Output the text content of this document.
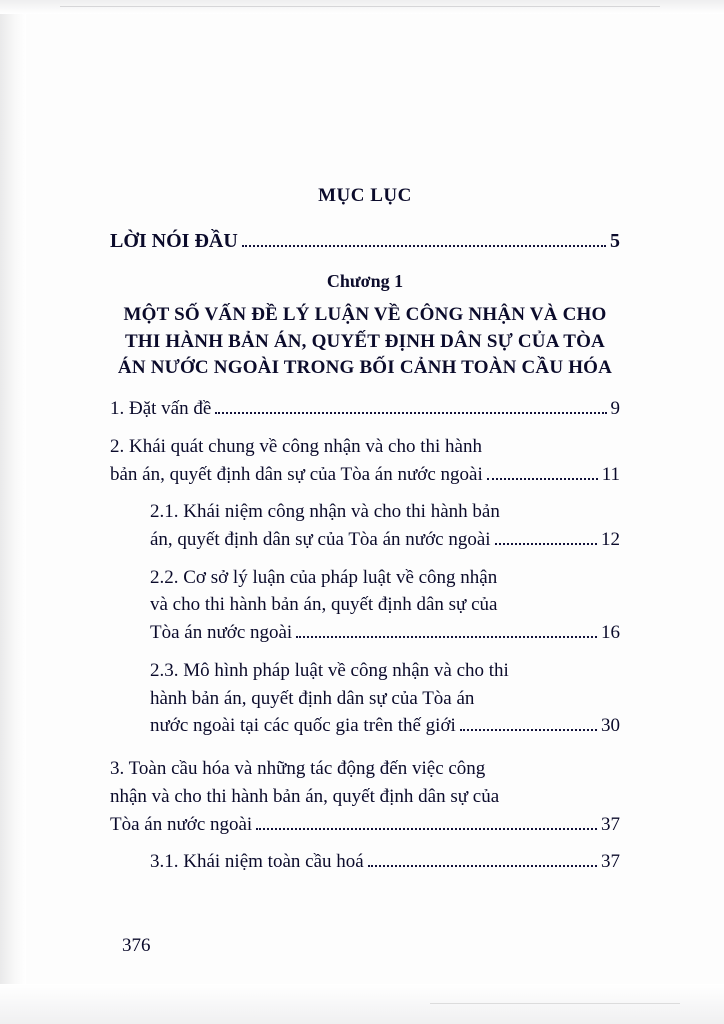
MỤC LỤC
LỜI NÓI ĐẦU	5
Chương 1
MỘT SỐ VẤN ĐỀ LÝ LUẬN VỀ CÔNG NHẬN VÀ CHO THI HÀNH BẢN ÁN, QUYẾT ĐỊNH DÂN SỰ CỦA TÒA ÁN NƯỚC NGOÀI TRONG BỐI CẢNH TOÀN CẦU HÓA
1. Đặt vấn đề	9
2. Khái quát chung về công nhận và cho thi hành
bản án, quyết định dân sự của Tòa án nước ngoài	11
2.1. Khái niệm công nhận và cho thi hành bản
án, quyết định dân sự của Tòa án nước ngoài	12
2.2. Cơ sở lý luận của pháp luật về công nhận
và cho thi hành bản án, quyết định dân sự của
Tòa án nước ngoài	16
2.3. Mô hình pháp luật về công nhận và cho thi
hành bản án, quyết định dân sự của Tòa án
nước ngoài tại các quốc gia trên thế giới	30
3. Toàn cầu hóa và những tác động đến việc công
nhận và cho thi hành bản án, quyết định dân sự của
Tòa án nước ngoài	37
3.1. Khái niệm toàn cầu hoá	37
376
